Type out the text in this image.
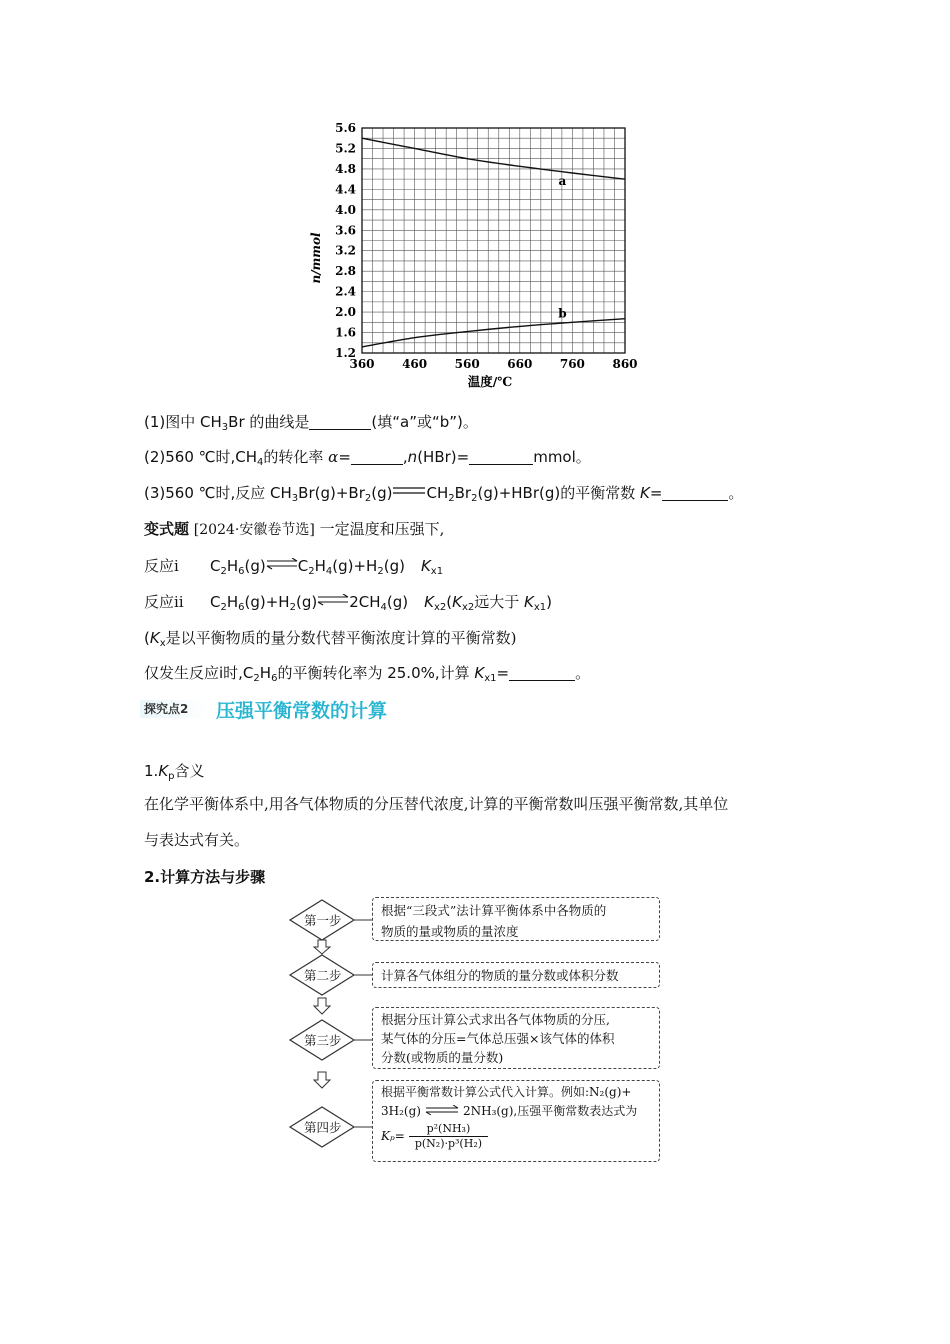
a
b
1.2
1.6
2.0
2.4
2.8
3.2
3.6
4.0
4.4
4.8
5.2
5.6
360 460 560 660 760 860
n/mmol
温度/℃
(1)图中 $CH_3Br$ 的曲线是	(填“a”或“b”)。
(2)560 ℃时$,CH_4$的转化率 α=	,n(HBr)=	mmol。
(3)560 ℃时,反应 $CH_3Br(g)+Br_2(g)$ $CH_2Br_2(g)+HBr(g)$的平衡常数 K=	。
变式题 [2024·安徽卷节选] 一定温度和压强下,
反应ⅰ $C_2H_6(g)\rightleftharpoons C_2H_4(g)+H_2(g)$ $K_{x1}$
反应ⅱ $C_2H_6(g)+H_2(g)\rightleftharpoons 2CH_4(g)$ $K_{x2}(K_{x2}$远大于 $K_{x1}$)
($K_x$是以平衡物质的量分数代替平衡浓度计算的平衡常数)
仅发生反应ⅰ时$,C_2H_6$的平衡转化率为 25.0%,计算 $K_{x1}=$	。
探究点2	压强平衡常数的计算
$1.K_p$含义
在化学平衡体系中,用各气体物质的分压替代浓度,计算的平衡常数叫压强平衡常数,其单位
与表达式有关。
2.计算方法与步骤
第一步
第二步
第三步
第四步
根据“三段式”法计算平衡体系中各物质的
物质的量或物质的量浓度
计算各气体组分的物质的量分数或体积分数
根据分压计算公式求出各气体物质的分压,
某气体的分压=气体总压强×该气体的体积
分数(或物质的量分数)
根据平衡常数计算公式代入计算。例如:N₂(g)+
3H₂(g) ⇌ 2NH₃(g),压强平衡常数表达式为
$K_p= \frac{\text{p²(NH₃)}}{\text{p(N₂)·p³(H₂)}}$
